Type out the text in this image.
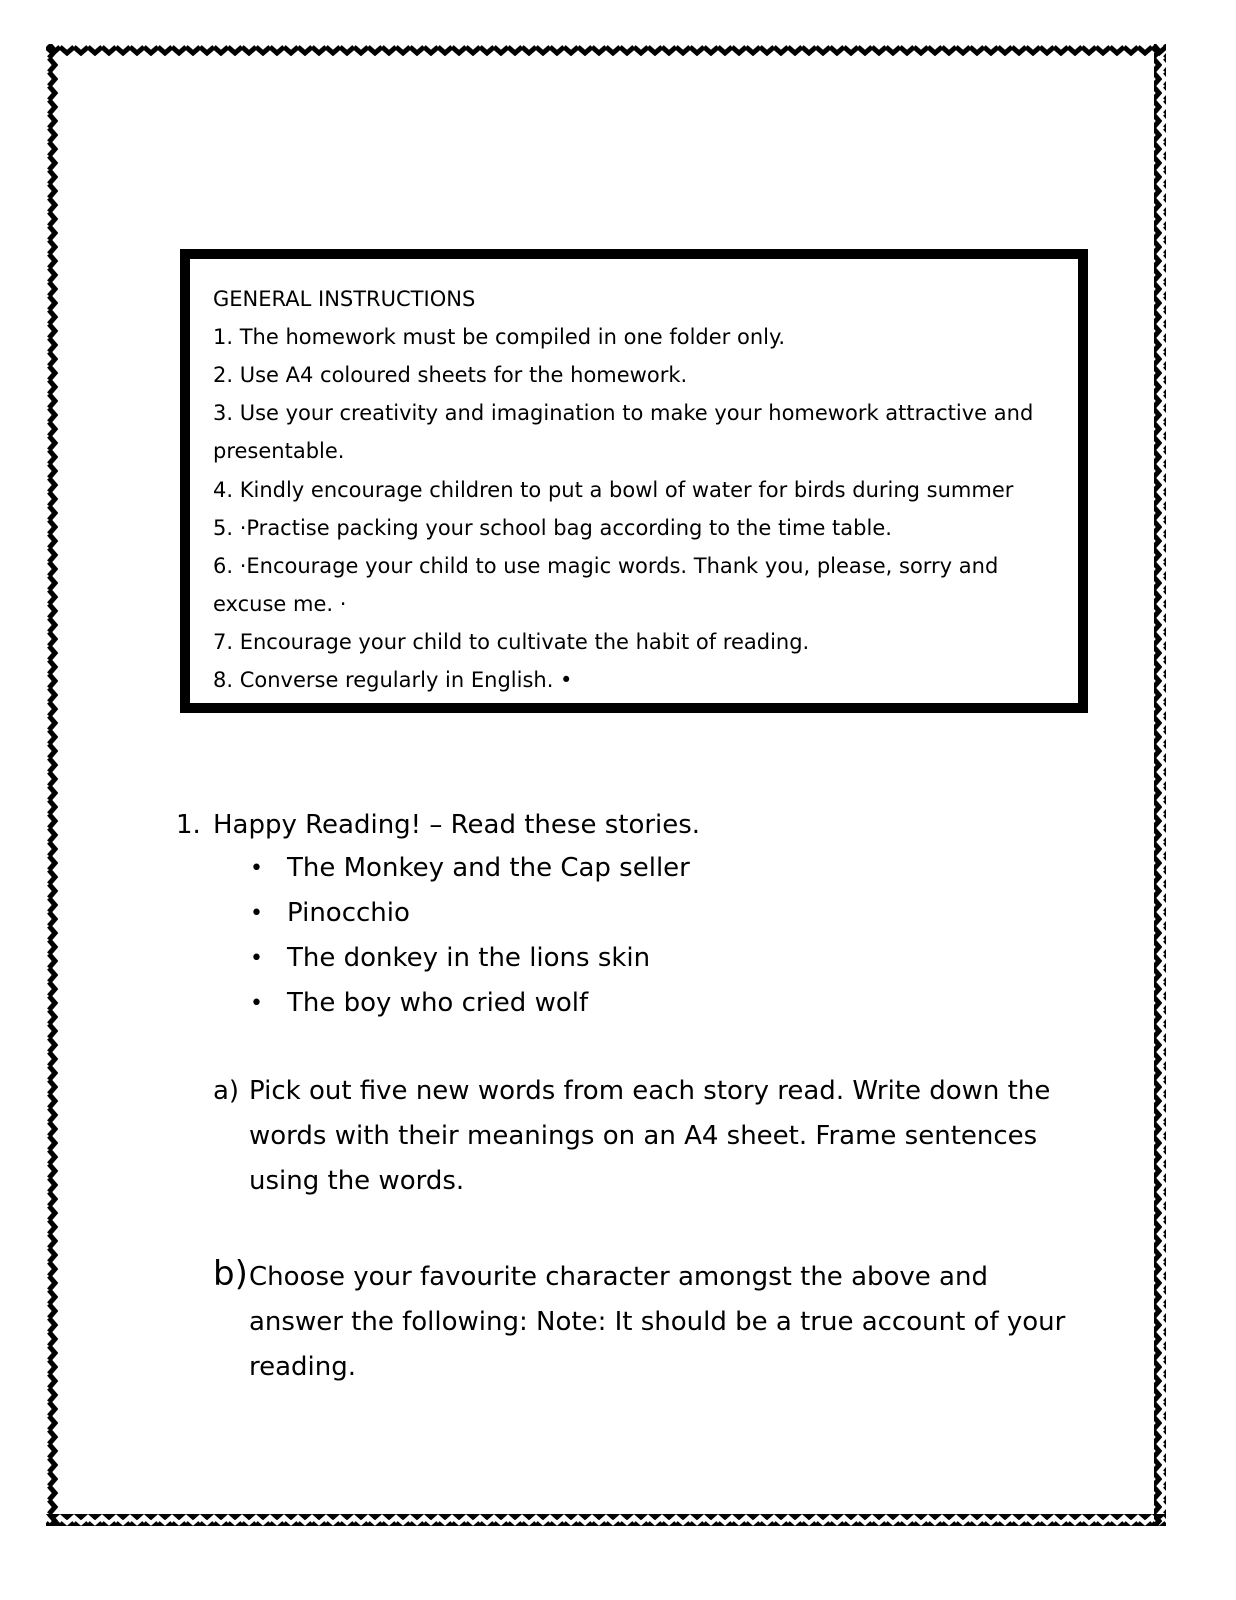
GENERAL INSTRUCTIONS
1. The homework must be compiled in one folder only.
2. Use A4 coloured sheets for the homework.
3. Use your creativity and imagination to make your homework attractive and
presentable.
4. Kindly encourage children to put a bowl of water for birds during summer
5. ·Practise packing your school bag according to the time table.
6. ·Encourage your child to use magic words. Thank you, please, sorry and
excuse me. ·
7. Encourage your child to cultivate the habit of reading.
8. Converse regularly in English. •
1. Happy Reading! – Read these stories.
• The Monkey and the Cap seller
• Pinocchio
• The donkey in the lions skin
• The boy who cried wolf
a) Pick out five new words from each story read. Write down the
words with their meanings on an A4 sheet. Frame sentences
using the words.
b) Choose your favourite character amongst the above and
answer the following: Note: It should be a true account of your
reading.
